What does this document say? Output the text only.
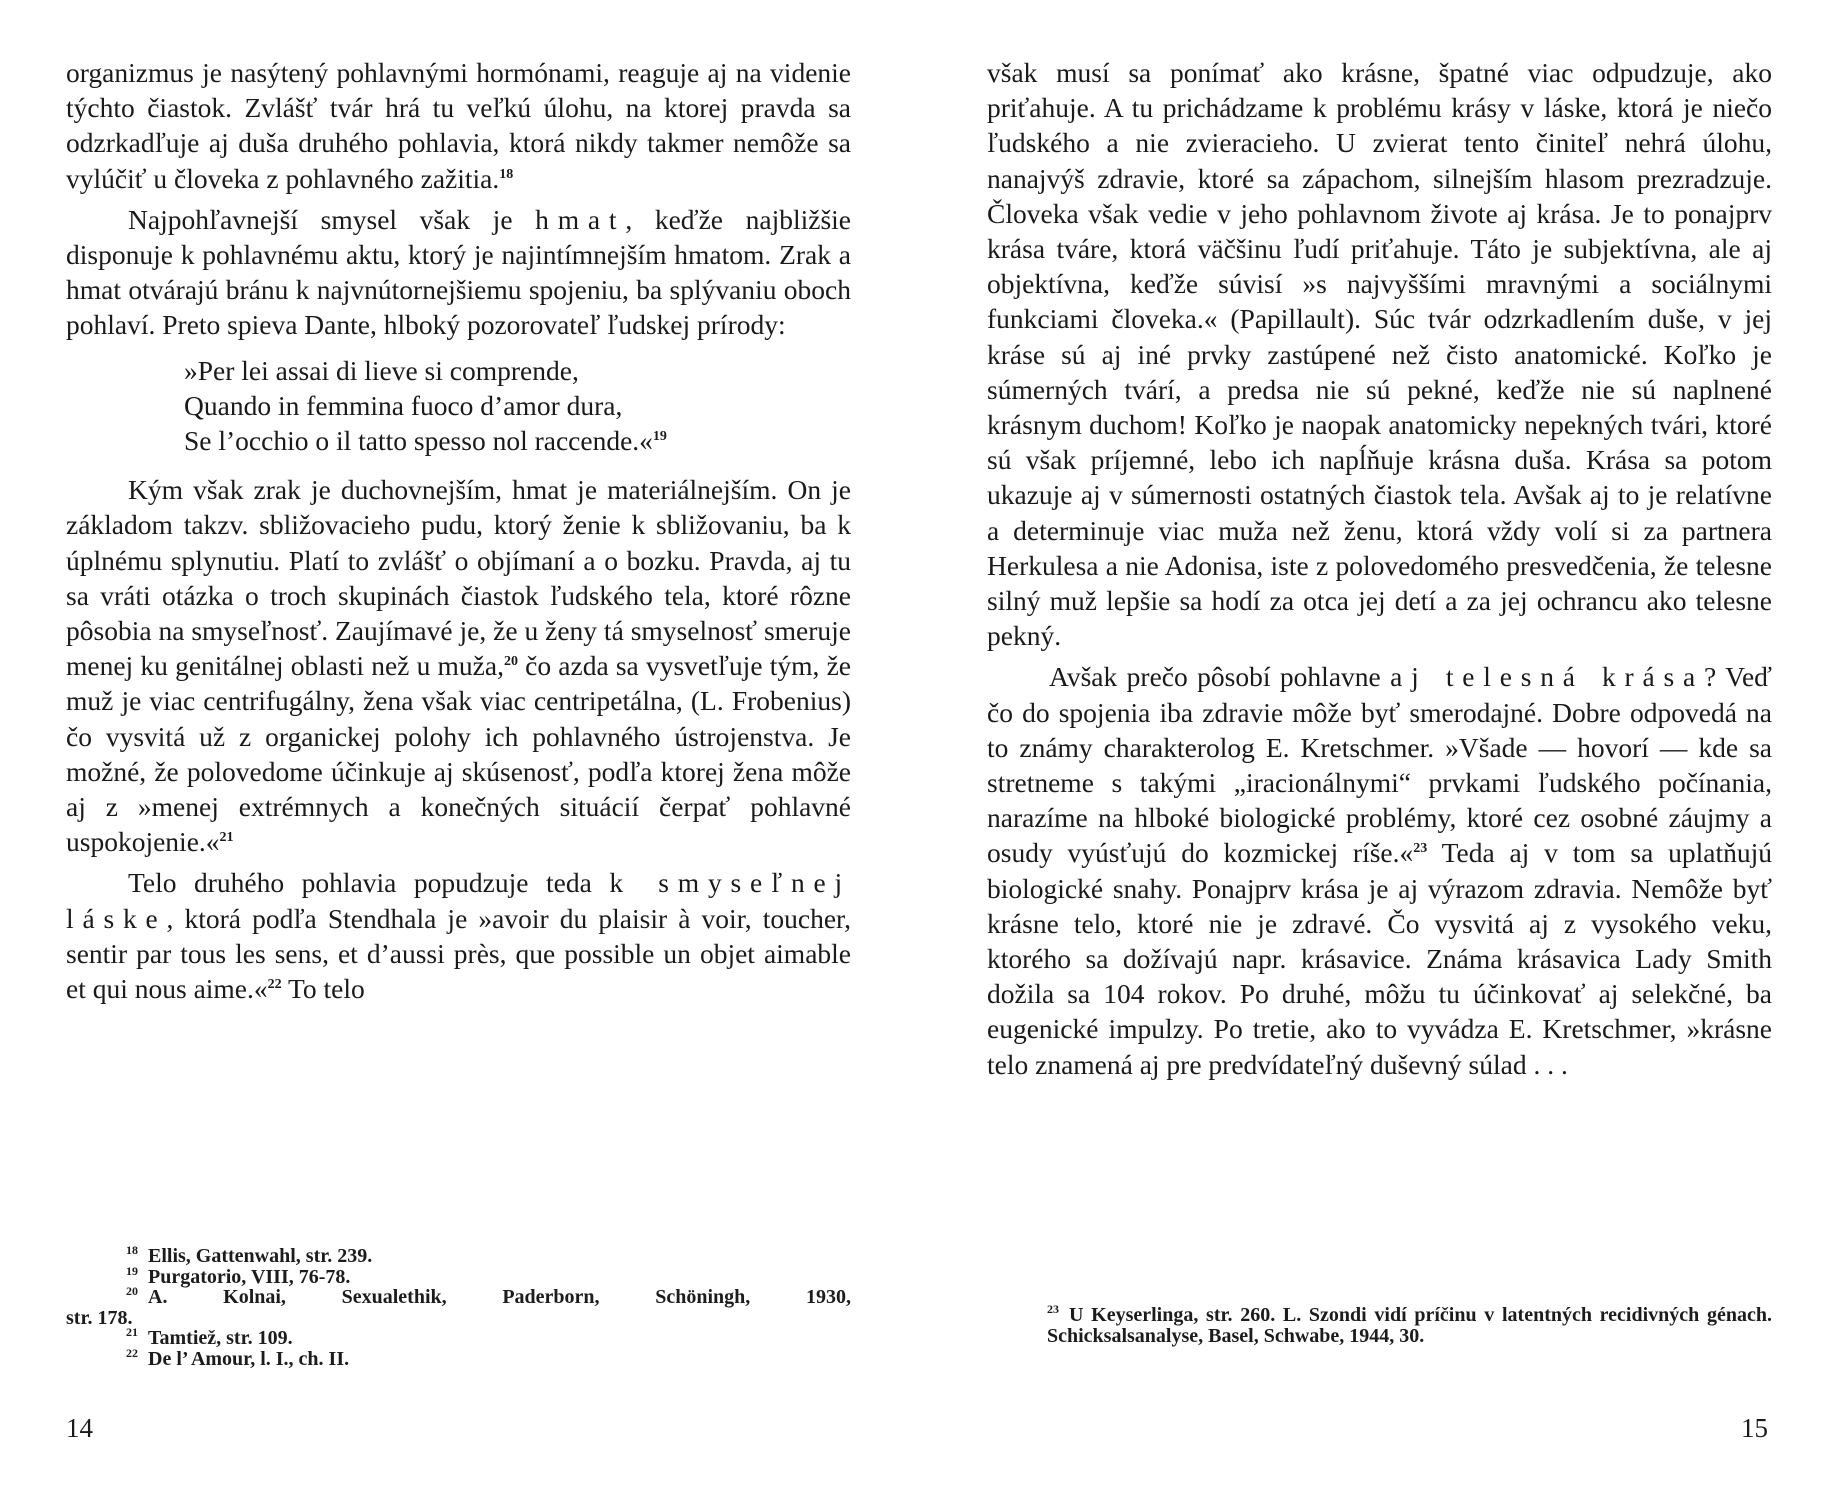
organizmus je nasýtený pohlavnými hormónami, reaguje aj na videnie týchto čiastok. Zvlášť tvár hrá tu veľkú úlohu, na ktorej pravda sa odzrkadľuje aj duša druhého pohlavia, ktorá nikdy takmer nemôže sa vylúčiť u človeka z pohlavného zažitia.$^{18}$

Najpohľavnejší smysel však je hmat, keďže najbližšie disponuje k pohlavnému aktu, ktorý je najintímnejším hmatom. Zrak a hmat otvárajú bránu k najvnútornejšiemu spojeniu, ba splývaniu oboch pohlaví. Preto spieva Dante, hlboký pozorovateľ ľudskej prírody:

»Per lei assai di lieve si comprende,
Quando in femmina fuoco d’amor dura,
Se l’occhio o il tatto spesso nol raccende.«$^{19}$

Kým však zrak je duchovnejším, hmat je materiálnejším. On je základom takzv. sbližovacieho pudu, ktorý ženie k sbližovaniu, ba k úplnému splynutiu. Platí to zvlášť o objímaní a o bozku. Pravda, aj tu sa vráti otázka o troch skupinách čiastok ľudského tela, ktoré rôzne pôsobia na smyseľnosť. Zaujímavé je, že u ženy tá smyselnosť smeruje menej ku genitálnej oblasti než u muža,$^{20}$ čo azda sa vysvetľuje tým, že muž je viac centrifugálny, žena však viac centripetálna, (L. Frobenius) čo vysvitá už z organickej polohy ich pohlavného ústrojenstva. Je možné, že polovedome účinkuje aj skúsenosť, podľa ktorej žena môže aj z »menej extrémnych a konečných situácií čerpať pohlavné uspokojenie.«$^{21}$

Telo druhého pohlavia popudzuje teda k smyseľnej láske, ktorá podľa Stendhala je »avoir du plaisir à voir, toucher, sentir par tous les sens, et d’aussi près, que possible un objet aimable et qui nous aime.«$^{22}$ To telo

$^{18}$ Ellis, Gattenwahl, str. 239.
$^{19}$ Purgatorio, VIII, 76-78.
$^{20}$ A. Kolnai, Sexualethik, Paderborn, Schöningh, 1930,
str. 178.
$^{21}$ Tamtiež, str. 109.
$^{22}$ De l’ Amour, l. I., ch. II.
14

však musí sa ponímať ako krásne, špatné viac odpudzuje, ako priťahuje. A tu prichádzame k problému krásy v láske, ktorá je niečo ľudského a nie zvieracieho. U zvierat tento činiteľ nehrá úlohu, nanajvýš zdravie, ktoré sa zápachom, silnejším hlasom prezradzuje. Človeka však vedie v jeho pohlavnom živote aj krása. Je to ponajprv krása tváre, ktorá väčšinu ľudí priťahuje. Táto je subjektívna, ale aj objektívna, keďže súvisí »s najvyššími mravnými a sociálnymi funkciami človeka.« (Papillault). Súc tvár odzrkadlením duše, v jej kráse sú aj iné prvky zastúpené než čisto anatomické. Koľko je súmerných tvárí, a predsa nie sú pekné, keďže nie sú naplnené krásnym duchom! Koľko je naopak anatomicky nepekných tvári, ktoré sú však príjemné, lebo ich napĺňuje krásna duša. Krása sa potom ukazuje aj v súmernosti ostatných čiastok tela. Avšak aj to je relatívne a determinuje viac muža než ženu, ktorá vždy volí si za partnera Herkulesa a nie Adonisa, iste z polovedomého presvedčenia, že telesne silný muž lepšie sa hodí za otca jej detí a za jej ochrancu ako telesne pekný.

Avšak prečo pôsobí pohlavne aj telesná krása? Veď čo do spojenia iba zdravie môže byť smerodajné. Dobre odpovedá na to známy charakterolog E. Kretschmer. »Všade — hovorí — kde sa stretneme s takými „iracionálnymi“ prvkami ľudského počínania, narazíme na hlboké biologické problémy, ktoré cez osobné záujmy a osudy vyúsťujú do kozmickej ríše.«$^{23}$ Teda aj v tom sa uplatňujú biologické snahy. Ponajprv krása je aj výrazom zdravia. Nemôže byť krásne telo, ktoré nie je zdravé. Čo vysvitá aj z vysokého veku, ktorého sa dožívajú napr. krásavice. Známa krásavica Lady Smith dožila sa 104 rokov. Po druhé, môžu tu účinkovať aj selekčné, ba eugenické impulzy. Po tretie, ako to vyvádza E. Kretschmer, »krásne telo znamená aj pre predvídateľný duševný súlad . . .

$^{23}$ U Keyserlinga, str. 260. L. Szondi vidí príčinu v latentných recidivných génach. Schicksalsanalyse, Basel, Schwabe, 1944, 30.
15
